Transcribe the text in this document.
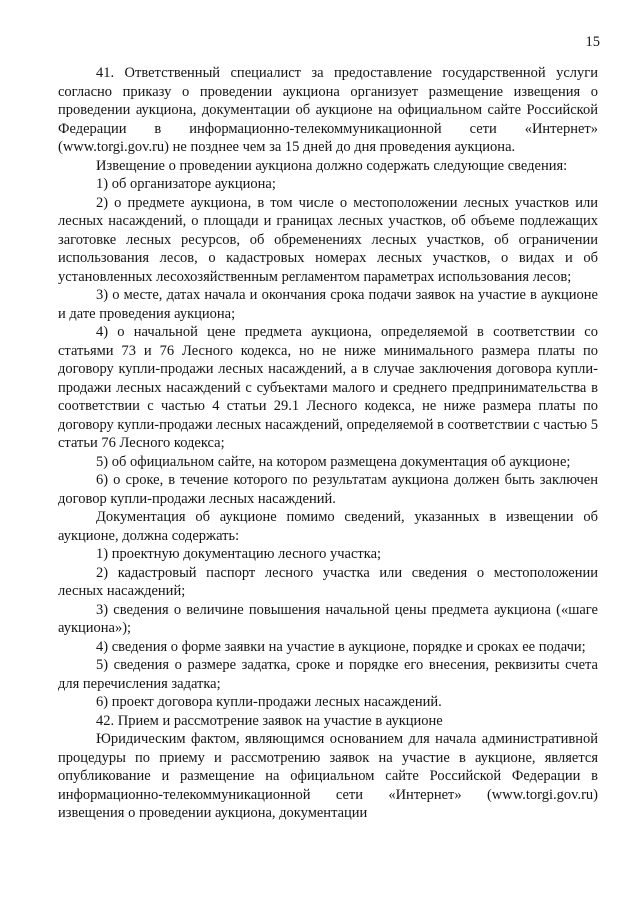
15

41. Ответственный специалист за предоставление государственной услуги согласно приказу о проведении аукциона организует размещение извещения о проведении аукциона, документации об аукционе на официальном сайте Российской Федерации в информационно-телекоммуникационной сети «Интернет» (www.torgi.gov.ru) не позднее чем за 15 дней до дня проведения аукциона.

Извещение о проведении аукциона должно содержать следующие сведения:

1) об организаторе аукциона;

2) о предмете аукциона, в том числе о местоположении лесных участков или лесных насаждений, о площади и границах лесных участков, об объеме подлежащих заготовке лесных ресурсов, об обременениях лесных участков, об ограничении использования лесов, о кадастровых номерах лесных участков, о видах и об установленных лесохозяйственным регламентом параметрах использования лесов;

3) о месте, датах начала и окончания срока подачи заявок на участие в аукционе и дате проведения аукциона;

4) о начальной цене предмета аукциона, определяемой в соответствии со статьями 73 и 76 Лесного кодекса, но не ниже минимального размера платы по договору купли-продажи лесных насаждений, а в случае заключения договора купли-продажи лесных насаждений с субъектами малого и среднего предпринимательства в соответствии с частью 4 статьи 29.1 Лесного кодекса, не ниже размера платы по договору купли-продажи лесных насаждений, определяемой в соответствии с частью 5 статьи 76 Лесного кодекса;

5) об официальном сайте, на котором размещена документация об аукционе;

6) о сроке, в течение которого по результатам аукциона должен быть заключен договор купли-продажи лесных насаждений.

Документация об аукционе помимо сведений, указанных в извещении об аукционе, должна содержать:

1) проектную документацию лесного участка;

2) кадастровый паспорт лесного участка или сведения о местоположении лесных насаждений;

3) сведения о величине повышения начальной цены предмета аукциона («шаге аукциона»);

4) сведения о форме заявки на участие в аукционе, порядке и сроках ее подачи;

5) сведения о размере задатка, сроке и порядке его внесения, реквизиты счета для перечисления задатка;

6) проект договора купли-продажи лесных насаждений.

42. Прием и рассмотрение заявок на участие в аукционе

Юридическим фактом, являющимся основанием для начала административной процедуры по приему и рассмотрению заявок на участие в аукционе, является опубликование и размещение на официальном сайте Российской Федерации в информационно-телекоммуникационной сети «Интернет» (www.torgi.gov.ru) извещения о проведении аукциона, документации
